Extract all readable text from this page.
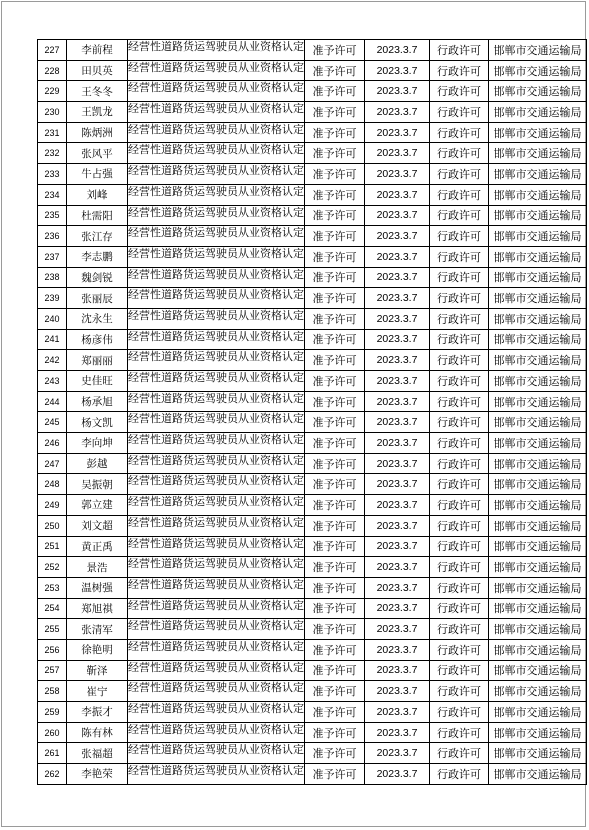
227	李前程	经营性道路货运驾驶员从业资格认定	准予许可	2023.3.7	行政许可	邯郸市交通运输局
228	田贝英	经营性道路货运驾驶员从业资格认定	准予许可	2023.3.7	行政许可	邯郸市交通运输局
229	王冬冬	经营性道路货运驾驶员从业资格认定	准予许可	2023.3.7	行政许可	邯郸市交通运输局
230	王凯龙	经营性道路货运驾驶员从业资格认定	准予许可	2023.3.7	行政许可	邯郸市交通运输局
231	陈炳洲	经营性道路货运驾驶员从业资格认定	准予许可	2023.3.7	行政许可	邯郸市交通运输局
232	张风平	经营性道路货运驾驶员从业资格认定	准予许可	2023.3.7	行政许可	邯郸市交通运输局
233	牛占强	经营性道路货运驾驶员从业资格认定	准予许可	2023.3.7	行政许可	邯郸市交通运输局
234	刘峰	经营性道路货运驾驶员从业资格认定	准予许可	2023.3.7	行政许可	邯郸市交通运输局
235	杜需阳	经营性道路货运驾驶员从业资格认定	准予许可	2023.3.7	行政许可	邯郸市交通运输局
236	张江存	经营性道路货运驾驶员从业资格认定	准予许可	2023.3.7	行政许可	邯郸市交通运输局
237	李志鹏	经营性道路货运驾驶员从业资格认定	准予许可	2023.3.7	行政许可	邯郸市交通运输局
238	魏剑锐	经营性道路货运驾驶员从业资格认定	准予许可	2023.3.7	行政许可	邯郸市交通运输局
239	张丽辰	经营性道路货运驾驶员从业资格认定	准予许可	2023.3.7	行政许可	邯郸市交通运输局
240	沈永生	经营性道路货运驾驶员从业资格认定	准予许可	2023.3.7	行政许可	邯郸市交通运输局
241	杨彦伟	经营性道路货运驾驶员从业资格认定	准予许可	2023.3.7	行政许可	邯郸市交通运输局
242	郑丽丽	经营性道路货运驾驶员从业资格认定	准予许可	2023.3.7	行政许可	邯郸市交通运输局
243	史佳旺	经营性道路货运驾驶员从业资格认定	准予许可	2023.3.7	行政许可	邯郸市交通运输局
244	杨承旭	经营性道路货运驾驶员从业资格认定	准予许可	2023.3.7	行政许可	邯郸市交通运输局
245	杨文凯	经营性道路货运驾驶员从业资格认定	准予许可	2023.3.7	行政许可	邯郸市交通运输局
246	李向坤	经营性道路货运驾驶员从业资格认定	准予许可	2023.3.7	行政许可	邯郸市交通运输局
247	彭越	经营性道路货运驾驶员从业资格认定	准予许可	2023.3.7	行政许可	邯郸市交通运输局
248	吴振朝	经营性道路货运驾驶员从业资格认定	准予许可	2023.3.7	行政许可	邯郸市交通运输局
249	郭立建	经营性道路货运驾驶员从业资格认定	准予许可	2023.3.7	行政许可	邯郸市交通运输局
250	刘文超	经营性道路货运驾驶员从业资格认定	准予许可	2023.3.7	行政许可	邯郸市交通运输局
251	黄正禹	经营性道路货运驾驶员从业资格认定	准予许可	2023.3.7	行政许可	邯郸市交通运输局
252	景浩	经营性道路货运驾驶员从业资格认定	准予许可	2023.3.7	行政许可	邯郸市交通运输局
253	温树强	经营性道路货运驾驶员从业资格认定	准予许可	2023.3.7	行政许可	邯郸市交通运输局
254	郑旭祺	经营性道路货运驾驶员从业资格认定	准予许可	2023.3.7	行政许可	邯郸市交通运输局
255	张清军	经营性道路货运驾驶员从业资格认定	准予许可	2023.3.7	行政许可	邯郸市交通运输局
256	徐艳明	经营性道路货运驾驶员从业资格认定	准予许可	2023.3.7	行政许可	邯郸市交通运输局
257	靳泽	经营性道路货运驾驶员从业资格认定	准予许可	2023.3.7	行政许可	邯郸市交通运输局
258	崔宁	经营性道路货运驾驶员从业资格认定	准予许可	2023.3.7	行政许可	邯郸市交通运输局
259	李振才	经营性道路货运驾驶员从业资格认定	准予许可	2023.3.7	行政许可	邯郸市交通运输局
260	陈有林	经营性道路货运驾驶员从业资格认定	准予许可	2023.3.7	行政许可	邯郸市交通运输局
261	张福超	经营性道路货运驾驶员从业资格认定	准予许可	2023.3.7	行政许可	邯郸市交通运输局
262	李艳荣	经营性道路货运驾驶员从业资格认定	准予许可	2023.3.7	行政许可	邯郸市交通运输局
